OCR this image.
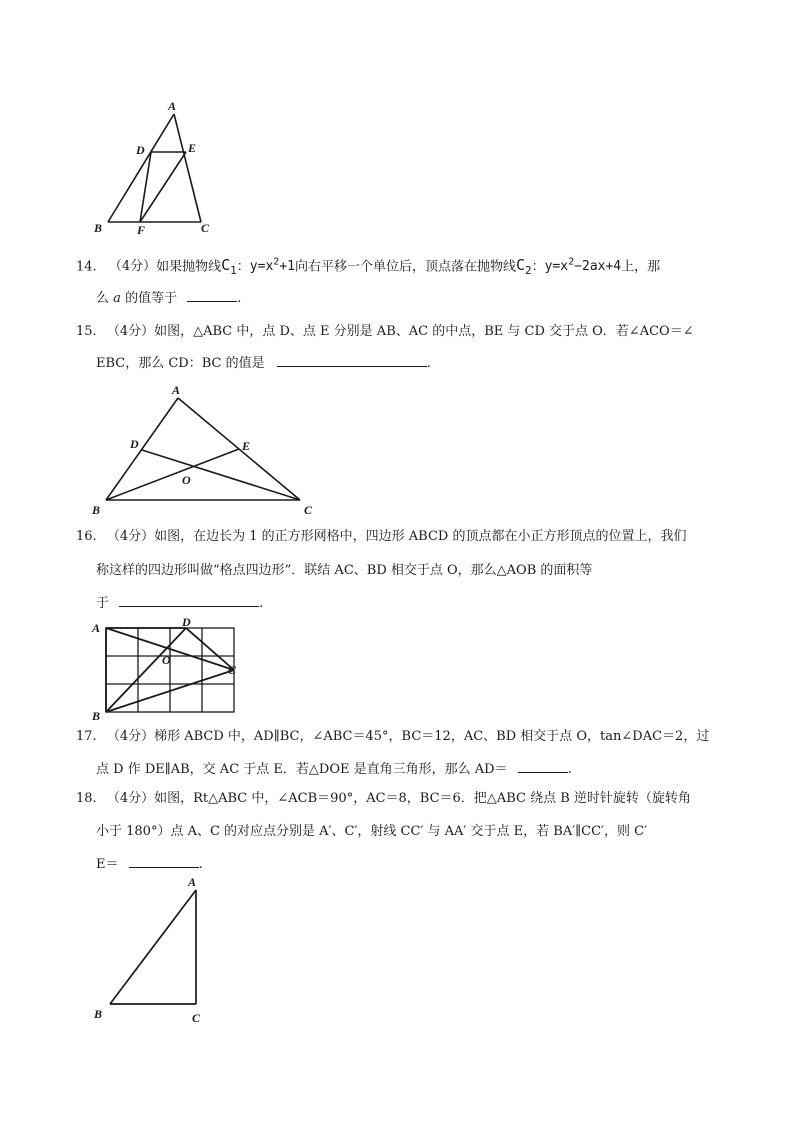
A
D	E
B	F	C
14. （4分）如果抛物线$C_1$：$y=x^2+1$向右平移一个单位后，顶点落在抛物线$C_2$：$y=x^2-2ax+4$上，那
么 a 的值等于	.
15. （4分）如图，△ABC 中，点 D、点 E 分别是 AB、AC 的中点，BE 与 CD 交于点 O．若∠ACO＝∠
EBC，那么 CD：BC 的值是	.
A
D	E
O
B	C
16. （4分）如图，在边长为 1 的正方形网格中，四边形 ABCD 的顶点都在小正方形顶点的位置上，我们
称这样的四边形叫做“格点四边形”．联结 AC、BD 相交于点 O，那么△AOB 的面积等
于	.
A	D
O
C
B
17. （4分）梯形 ABCD 中，AD∥BC，∠ABC＝45°，BC＝12，AC、BD 相交于点 O，tan∠DAC＝2，过
点 D 作 DE∥AB，交 AC 于点 E．若△DOE 是直角三角形，那么 AD＝	.
18. （4分）如图，Rt△ABC 中，∠ACB＝90°，AC＝8，BC＝6．把△ABC 绕点 B 逆时针旋转（旋转角
小于 180°）点 A、C 的对应点分别是 A′、C′，射线 CC′ 与 AA′ 交于点 E，若 BA′∥CC′，则 C′
E＝	.
A
B	C
